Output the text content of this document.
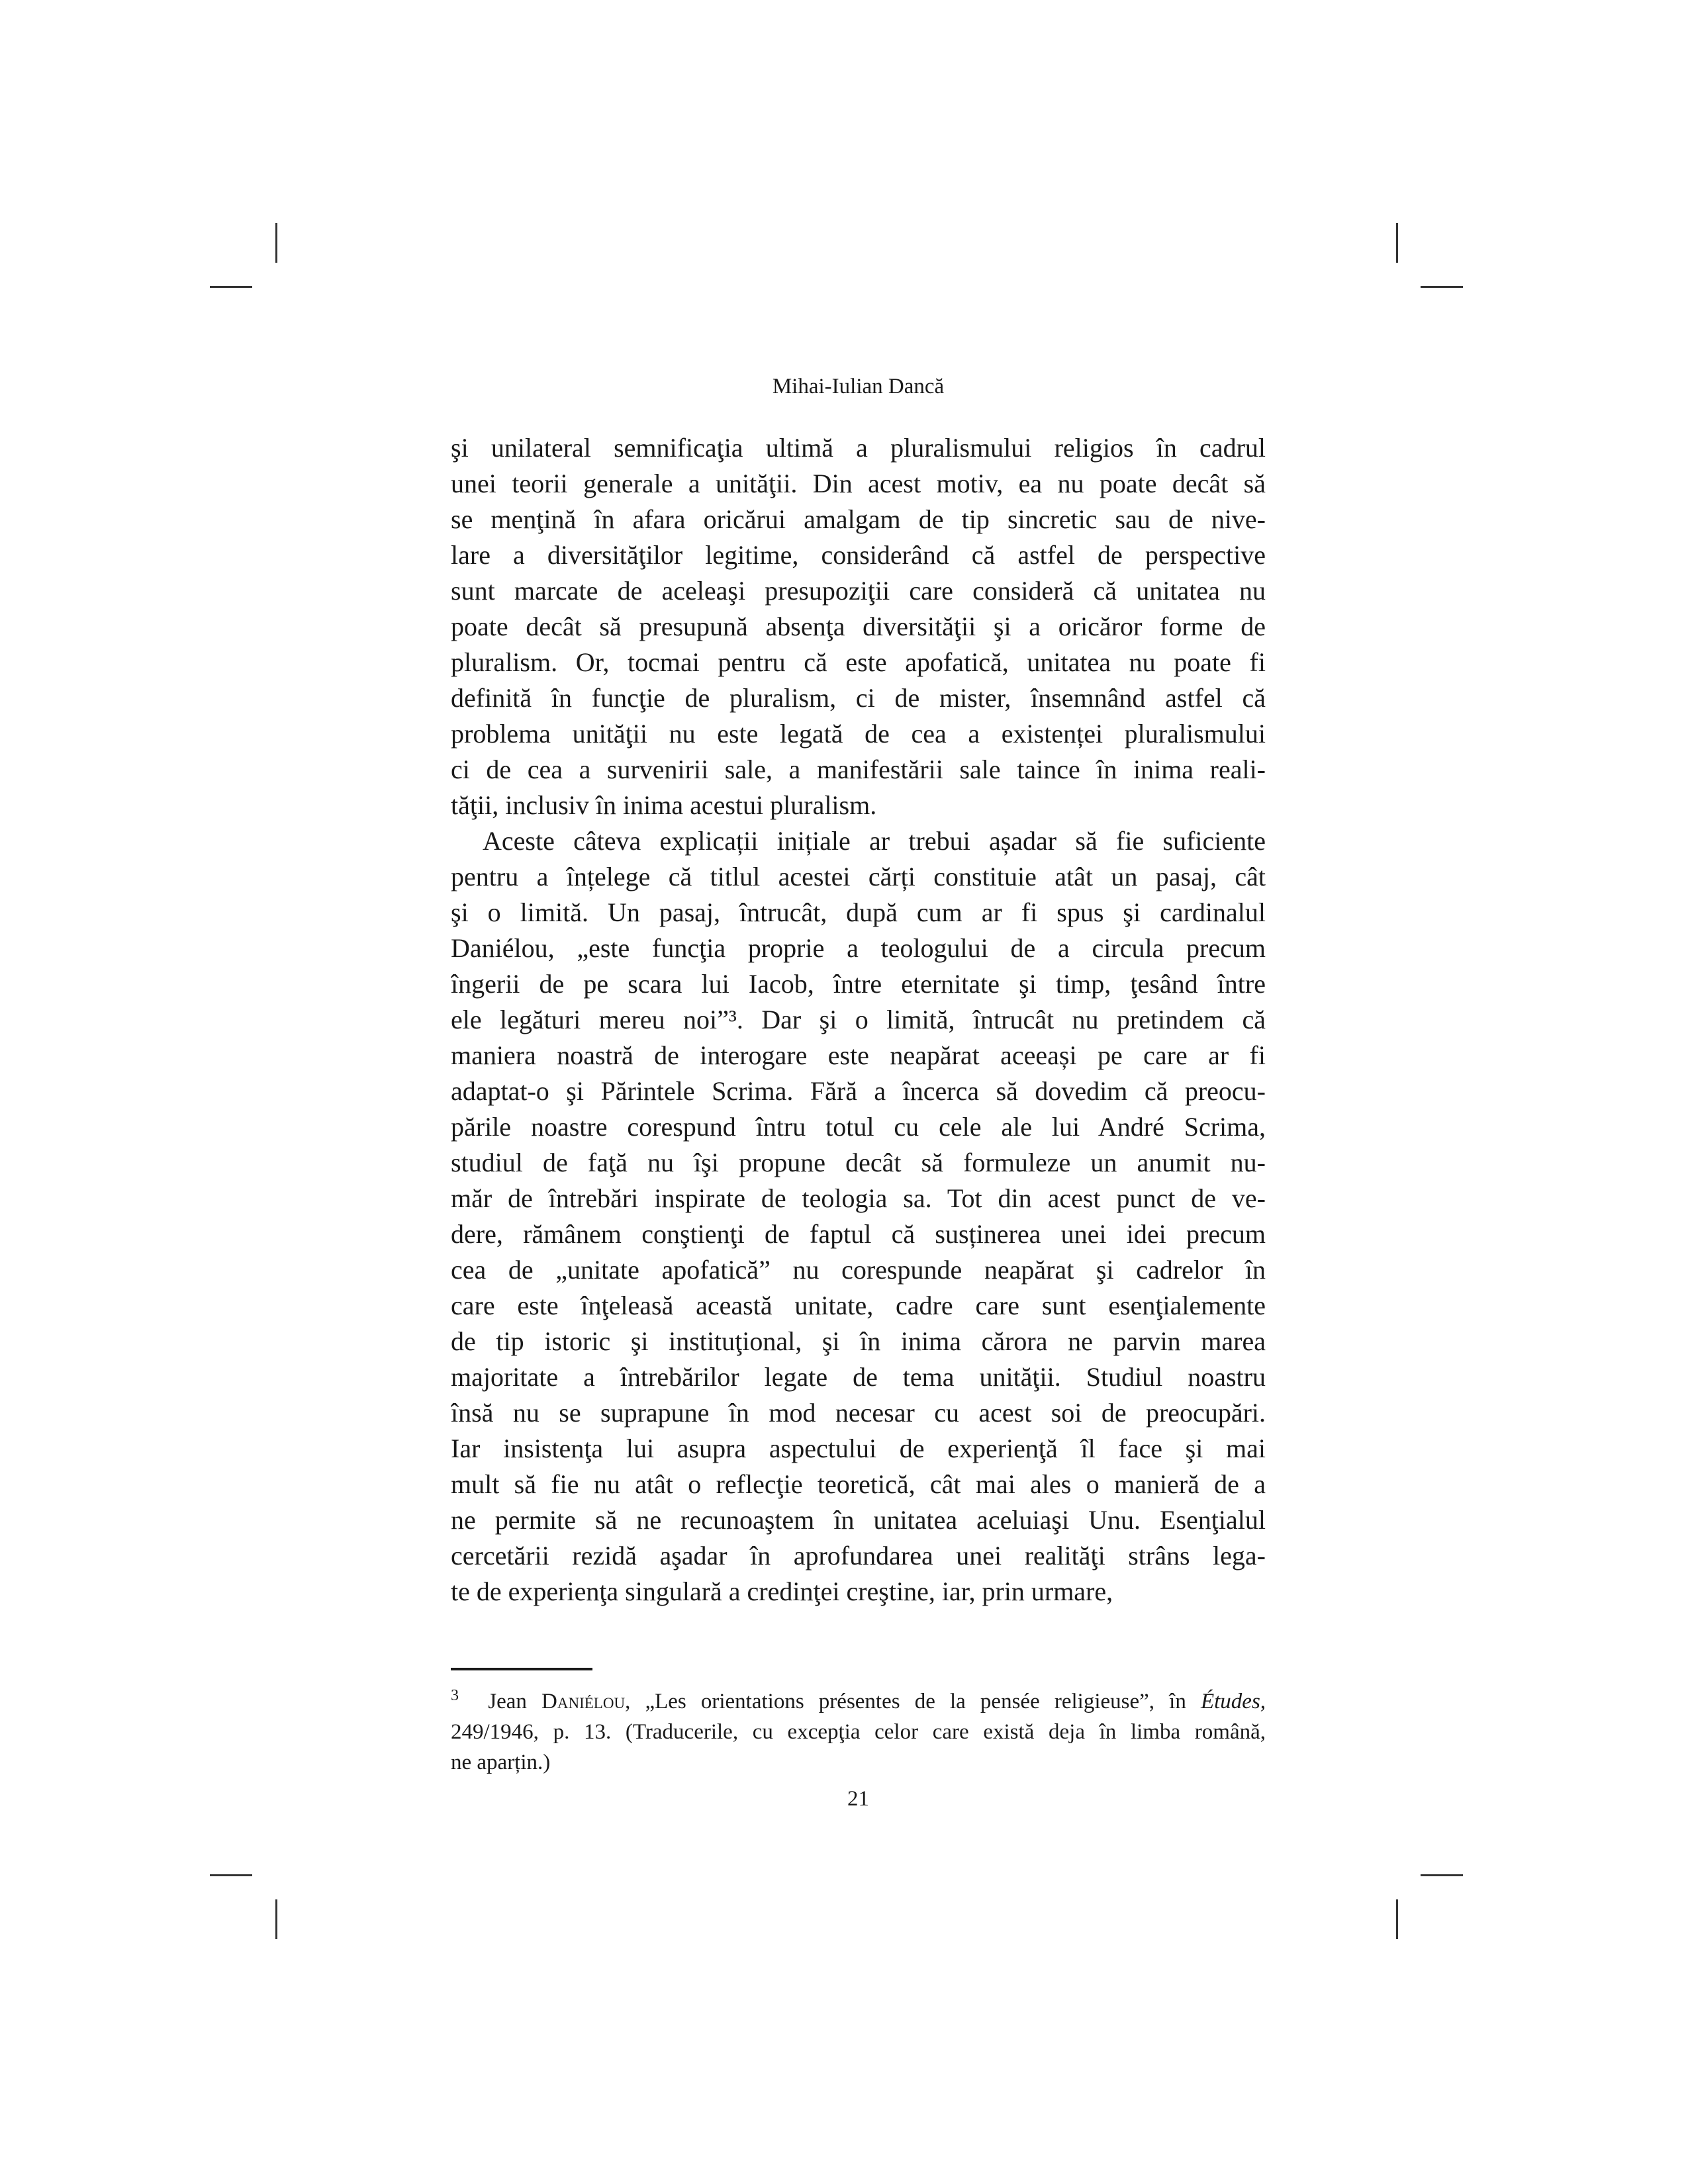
Mihai-Iulian Dancă
şi unilateral semnificaţia ultimă a pluralismului religios în cadrul
unei teorii generale a unităţii. Din acest motiv, ea nu poate decât să
se menţină în afara oricărui amalgam de tip sincretic sau de nive-
lare a diversităţilor legitime, considerând că astfel de perspective
sunt marcate de aceleaşi presupoziţii care consideră că unitatea nu
poate decât să presupună absenţa diversităţii şi a oricăror forme de
pluralism. Or, tocmai pentru că este apofatică, unitatea nu poate fi
definită în funcţie de pluralism, ci de mister, însemnând astfel că
problema unităţii nu este legată de cea a existenței pluralismului
ci de cea a survenirii sale, a manifestării sale taince în inima reali-
tăţii, inclusiv în inima acestui pluralism.
Aceste câteva explicații inițiale ar trebui așadar să fie suficiente
pentru a înțelege că titlul acestei cărți constituie atât un pasaj, cât
şi o limită. Un pasaj, întrucât, după cum ar fi spus şi cardinalul
Daniélou, „este funcţia proprie a teologului de a circula precum
îngerii de pe scara lui Iacob, între eternitate şi timp, ţesând între
ele legături mereu noi”³. Dar şi o limită, întrucât nu pretindem că
maniera noastră de interogare este neapărat aceeași pe care ar fi
adaptat-o şi Părintele Scrima. Fără a încerca să dovedim că preocu-
pările noastre corespund întru totul cu cele ale lui André Scrima,
studiul de faţă nu îşi propune decât să formuleze un anumit nu-
măr de întrebări inspirate de teologia sa. Tot din acest punct de ve-
dere, rămânem conştienţi de faptul că susținerea unei idei precum
cea de „unitate apofatică” nu corespunde neapărat şi cadrelor în
care este înţeleasă această unitate, cadre care sunt esenţialemente
de tip istoric şi instituţional, şi în inima cărora ne parvin marea
majoritate a întrebărilor legate de tema unităţii. Studiul noastru
însă nu se suprapune în mod necesar cu acest soi de preocupări.
Iar insistenţa lui asupra aspectului de experienţă îl face şi mai
mult să fie nu atât o reflecţie teoretică, cât mai ales o manieră de a
ne permite să ne recunoaştem în unitatea aceluiaşi Unu. Esenţialul
cercetării rezidă aşadar în aprofundarea unei realităţi strâns lega-
te de experienţa singulară a credinţei creştine, iar, prin urmare,
$^3$ Jean Daniélou, „Les orientations présentes de la pensée religieuse”, în Études,
249/1946, p. 13. (Traducerile, cu excepţia celor care există deja în limba română,
ne aparțin.)
21
